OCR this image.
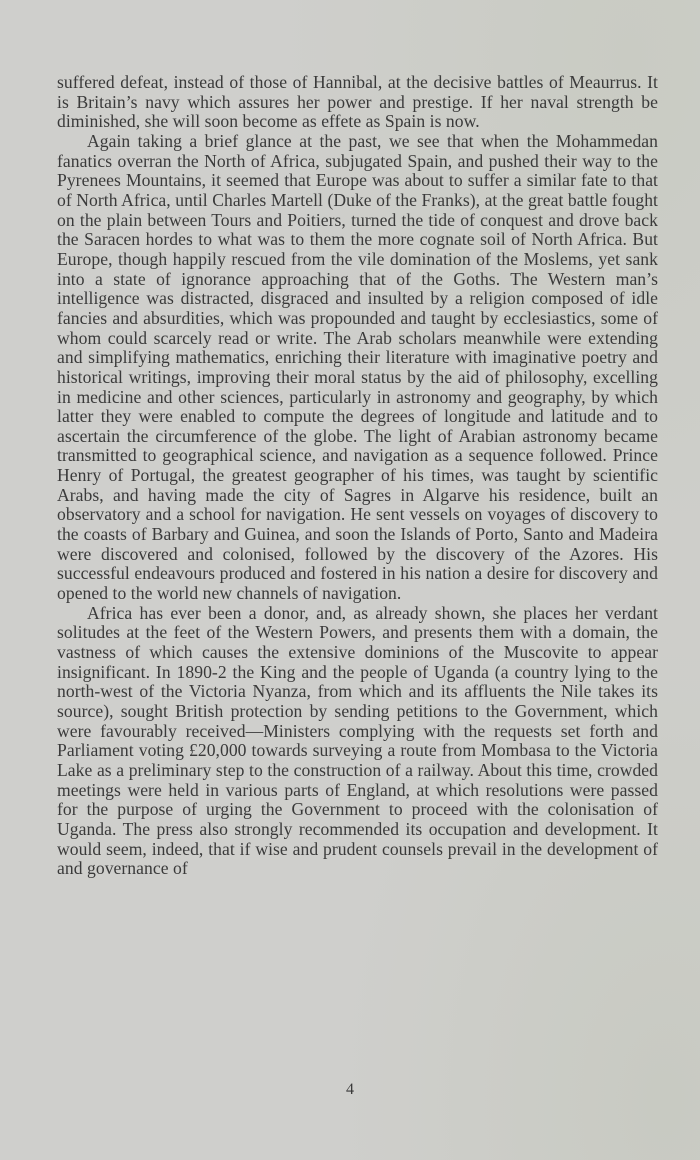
suffered defeat, instead of those of Hannibal, at the decisive battles of Meaurrus. It is Britain’s navy which assures her power and prestige. If her naval strength be diminished, she will soon become as effete as Spain is now.

Again taking a brief glance at the past, we see that when the Mohammedan fanatics overran the North of Africa, subjugated Spain, and pushed their way to the Pyrenees Mountains, it seemed that Europe was about to suffer a similar fate to that of North Africa, until Charles Martell (Duke of the Franks), at the great battle fought on the plain between Tours and Poitiers, turned the tide of conquest and drove back the Saracen hordes to what was to them the more cognate soil of North Africa. But Europe, though happily rescued from the vile domination of the Moslems, yet sank into a state of ignorance approaching that of the Goths. The Western man’s intelligence was distracted, disgraced and insulted by a religion composed of idle fancies and absurdities, which was propounded and taught by ecclesiastics, some of whom could scarcely read or write. The Arab scholars meanwhile were extending and simplifying mathematics, enriching their literature with imaginative poetry and historical writings, improving their moral status by the aid of philosophy, excelling in medicine and other sciences, particularly in astronomy and geography, by which latter they were enabled to compute the degrees of longitude and latitude and to ascertain the circumference of the globe. The light of Arabian astronomy became transmitted to geographical science, and navigation as a sequence followed. Prince Henry of Portugal, the greatest geographer of his times, was taught by scientific Arabs, and having made the city of Sagres in Algarve his residence, built an observatory and a school for navigation. He sent vessels on voyages of discovery to the coasts of Barbary and Guinea, and soon the Islands of Porto, Santo and Madeira were discovered and colonised, followed by the discovery of the Azores. His successful endeavours produced and fostered in his nation a desire for discovery and opened to the world new channels of navigation.

Africa has ever been a donor, and, as already shown, she places her verdant solitudes at the feet of the Western Powers, and presents them with a domain, the vastness of which causes the extensive dominions of the Muscovite to appear insignificant. In 1890-2 the King and the people of Uganda (a country lying to the north-west of the Victoria Nyanza, from which and its affluents the Nile takes its source), sought British protection by sending petitions to the Government, which were favourably received—Ministers complying with the requests set forth and Parliament voting £20,000 towards surveying a route from Mombasa to the Victoria Lake as a preliminary step to the construction of a railway. About this time, crowded meetings were held in various parts of England, at which resolutions were passed for the purpose of urging the Government to proceed with the colonisation of Uganda. The press also strongly recommended its occupation and development. It would seem, indeed, that if wise and prudent counsels prevail in the development of and governance of

4
